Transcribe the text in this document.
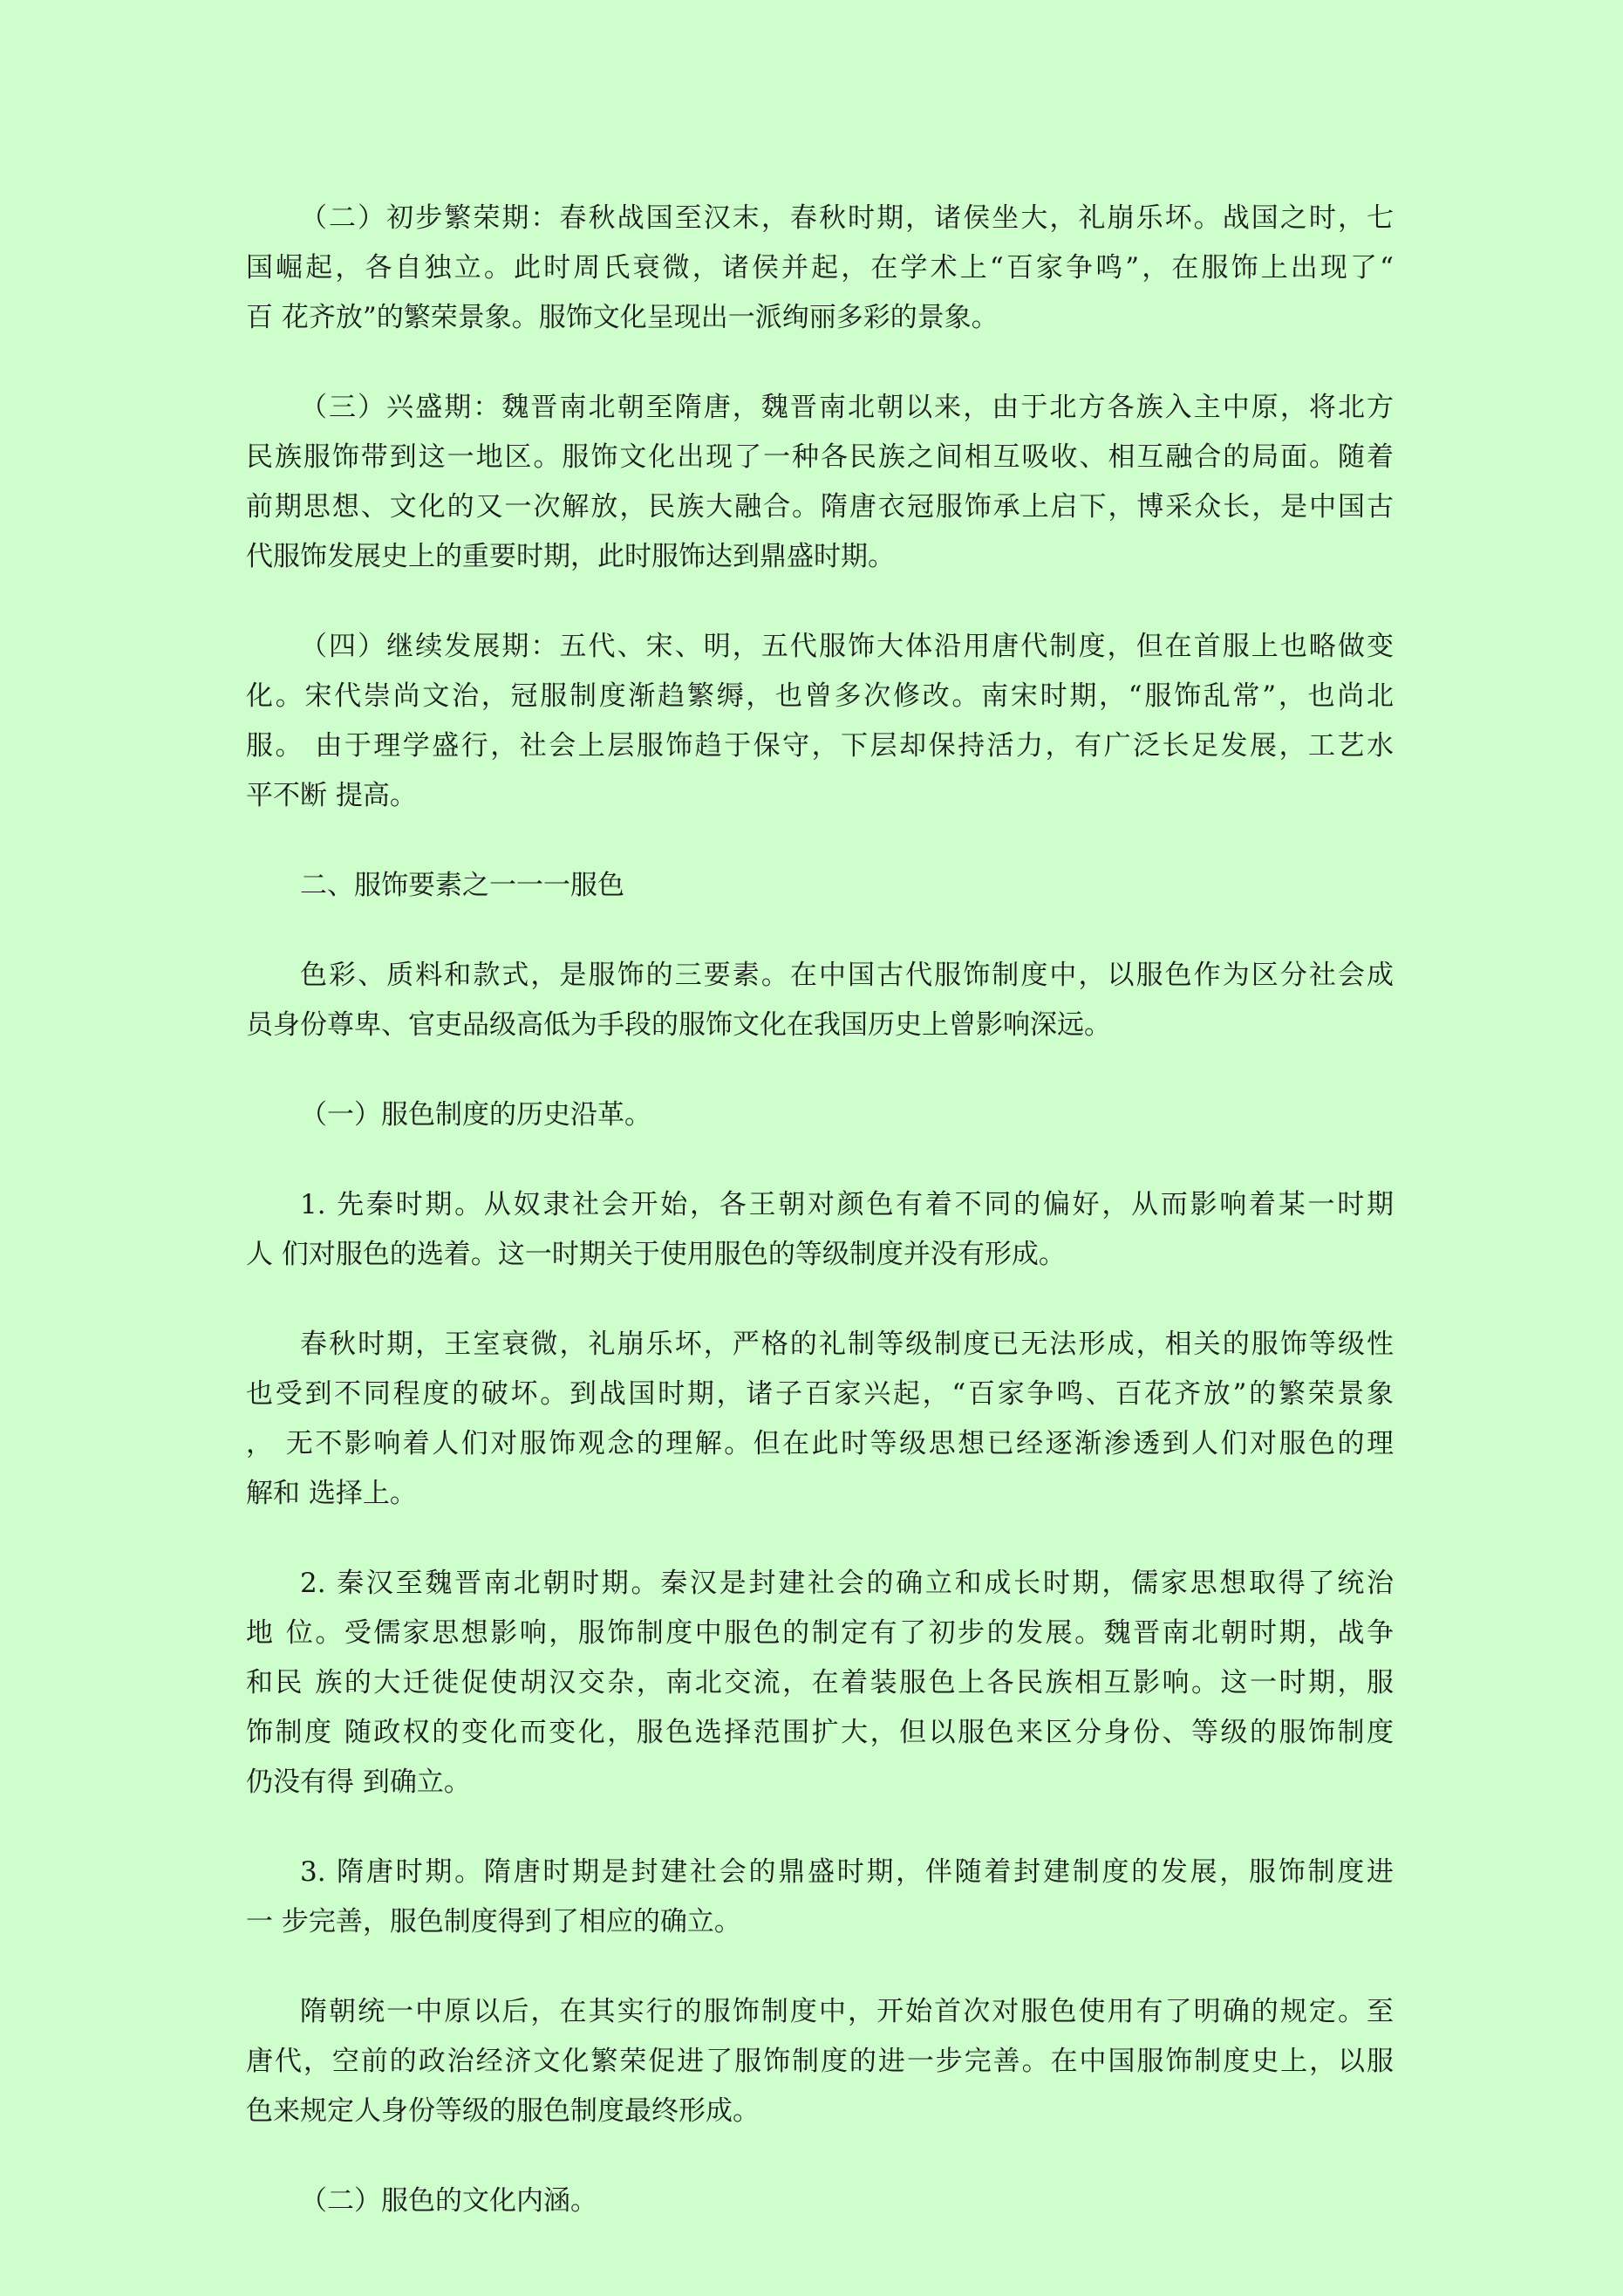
（二）初步繁荣期：春秋战国至汉末，春秋时期，诸侯坐大，礼崩乐坏。战国之时，七
国崛起，各自独立。此时周氏衰微，诸侯并起，在学术上“百家争鸣”，在服饰上出现了“
百 花齐放”的繁荣景象。服饰文化呈现出一派绚丽多彩的景象。

（三）兴盛期：魏晋南北朝至隋唐，魏晋南北朝以来，由于北方各族入主中原，将北方
民族服饰带到这一地区。服饰文化出现了一种各民族之间相互吸收、相互融合的局面。随着
前期思想、文化的又一次解放，民族大融合。隋唐衣冠服饰承上启下，博采众长，是中国古
代服饰发展史上的重要时期，此时服饰达到鼎盛时期。

（四）继续发展期：五代、宋、明，五代服饰大体沿用唐代制度，但在首服上也略做变
化。宋代崇尚文治，冠服制度渐趋繁缛，也曾多次修改。南宋时期，“服饰乱常”，也尚北
服。 由于理学盛行，社会上层服饰趋于保守，下层却保持活力，有广泛长足发展，工艺水
平不断 提高。

二、服饰要素之一一一服色

色彩、质料和款式，是服饰的三要素。在中国古代服饰制度中，以服色作为区分社会成
员身份尊卑、官吏品级高低为手段的服饰文化在我国历史上曾影响深远。

（一）服色制度的历史沿革。

1. 先秦时期。从奴隶社会开始，各王朝对颜色有着不同的偏好，从而影响着某一时期
人 们对服色的选着。这一时期关于使用服色的等级制度并没有形成。

春秋时期，王室衰微，礼崩乐坏，严格的礼制等级制度已无法形成，相关的服饰等级性
也受到不同程度的破坏。到战国时期，诸子百家兴起，“百家争鸣、百花齐放”的繁荣景象
， 无不影响着人们对服饰观念的理解。但在此时等级思想已经逐渐渗透到人们对服色的理
解和 选择上。

2. 秦汉至魏晋南北朝时期。秦汉是封建社会的确立和成长时期，儒家思想取得了统治
地 位。受儒家思想影响，服饰制度中服色的制定有了初步的发展。魏晋南北朝时期，战争
和民 族的大迁徙促使胡汉交杂，南北交流，在着装服色上各民族相互影响。这一时期，服
饰制度 随政权的变化而变化，服色选择范围扩大，但以服色来区分身份、等级的服饰制度
仍没有得 到确立。

3. 隋唐时期。隋唐时期是封建社会的鼎盛时期，伴随着封建制度的发展，服饰制度进
一 步完善，服色制度得到了相应的确立。

隋朝统一中原以后，在其实行的服饰制度中，开始首次对服色使用有了明确的规定。至
唐代，空前的政治经济文化繁荣促进了服饰制度的进一步完善。在中国服饰制度史上，以服
色来规定人身份等级的服色制度最终形成。

（二）服色的文化内涵。
